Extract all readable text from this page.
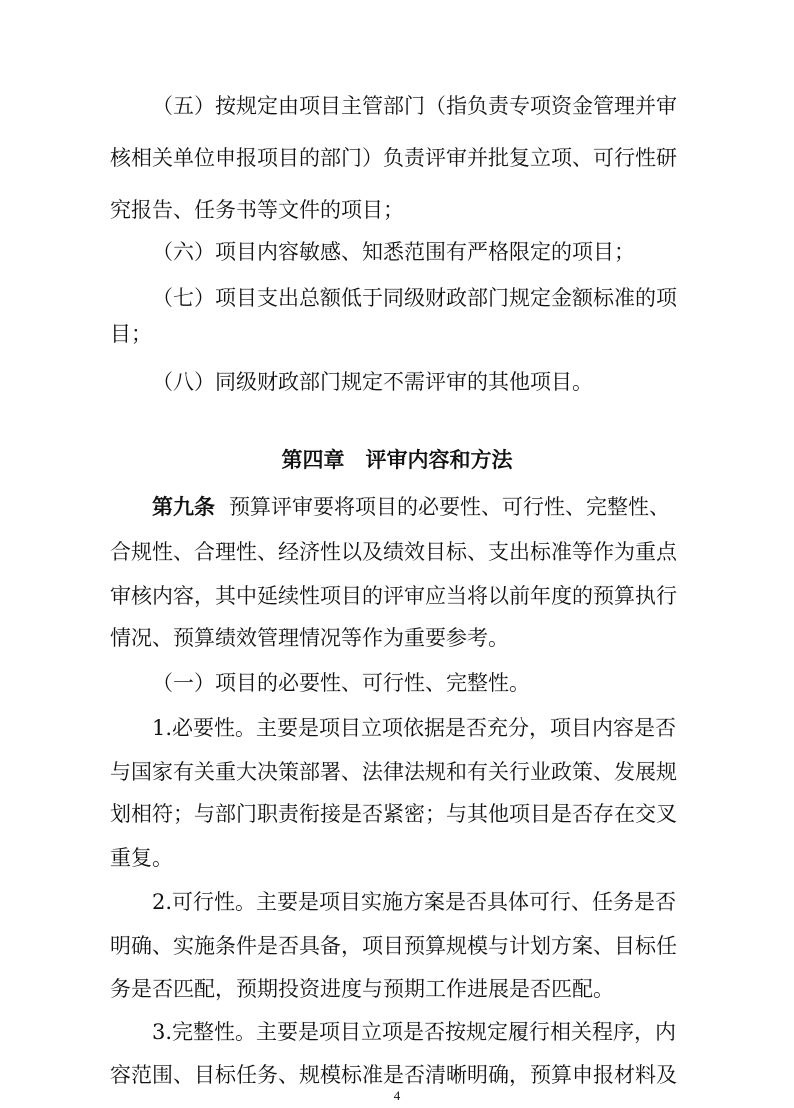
（五）按规定由项目主管部门（指负责专项资金管理并审
核相关单位申报项目的部门）负责评审并批复立项、可行性研
究报告、任务书等文件的项目；
（六）项目内容敏感、知悉范围有严格限定的项目；
（七）项目支出总额低于同级财政部门规定金额标准的项
目；
（八）同级财政部门规定不需评审的其他项目。
第四章　评审内容和方法
第九条 预算评审要将项目的必要性、可行性、完整性、
合规性、合理性、经济性以及绩效目标、支出标准等作为重点
审核内容，其中延续性项目的评审应当将以前年度的预算执行
情况、预算绩效管理情况等作为重要参考。
（一）项目的必要性、可行性、完整性。
1.必要性。主要是项目立项依据是否充分，项目内容是否
与国家有关重大决策部署、法律法规和有关行业政策、发展规
划相符；与部门职责衔接是否紧密；与其他项目是否存在交叉
重复。
2.可行性。主要是项目实施方案是否具体可行、任务是否
明确、实施条件是否具备，项目预算规模与计划方案、目标任
务是否匹配，预期投资进度与预期工作进展是否匹配。
3.完整性。主要是项目立项是否按规定履行相关程序，内
容范围、目标任务、规模标准是否清晰明确，预算申报材料及
4
